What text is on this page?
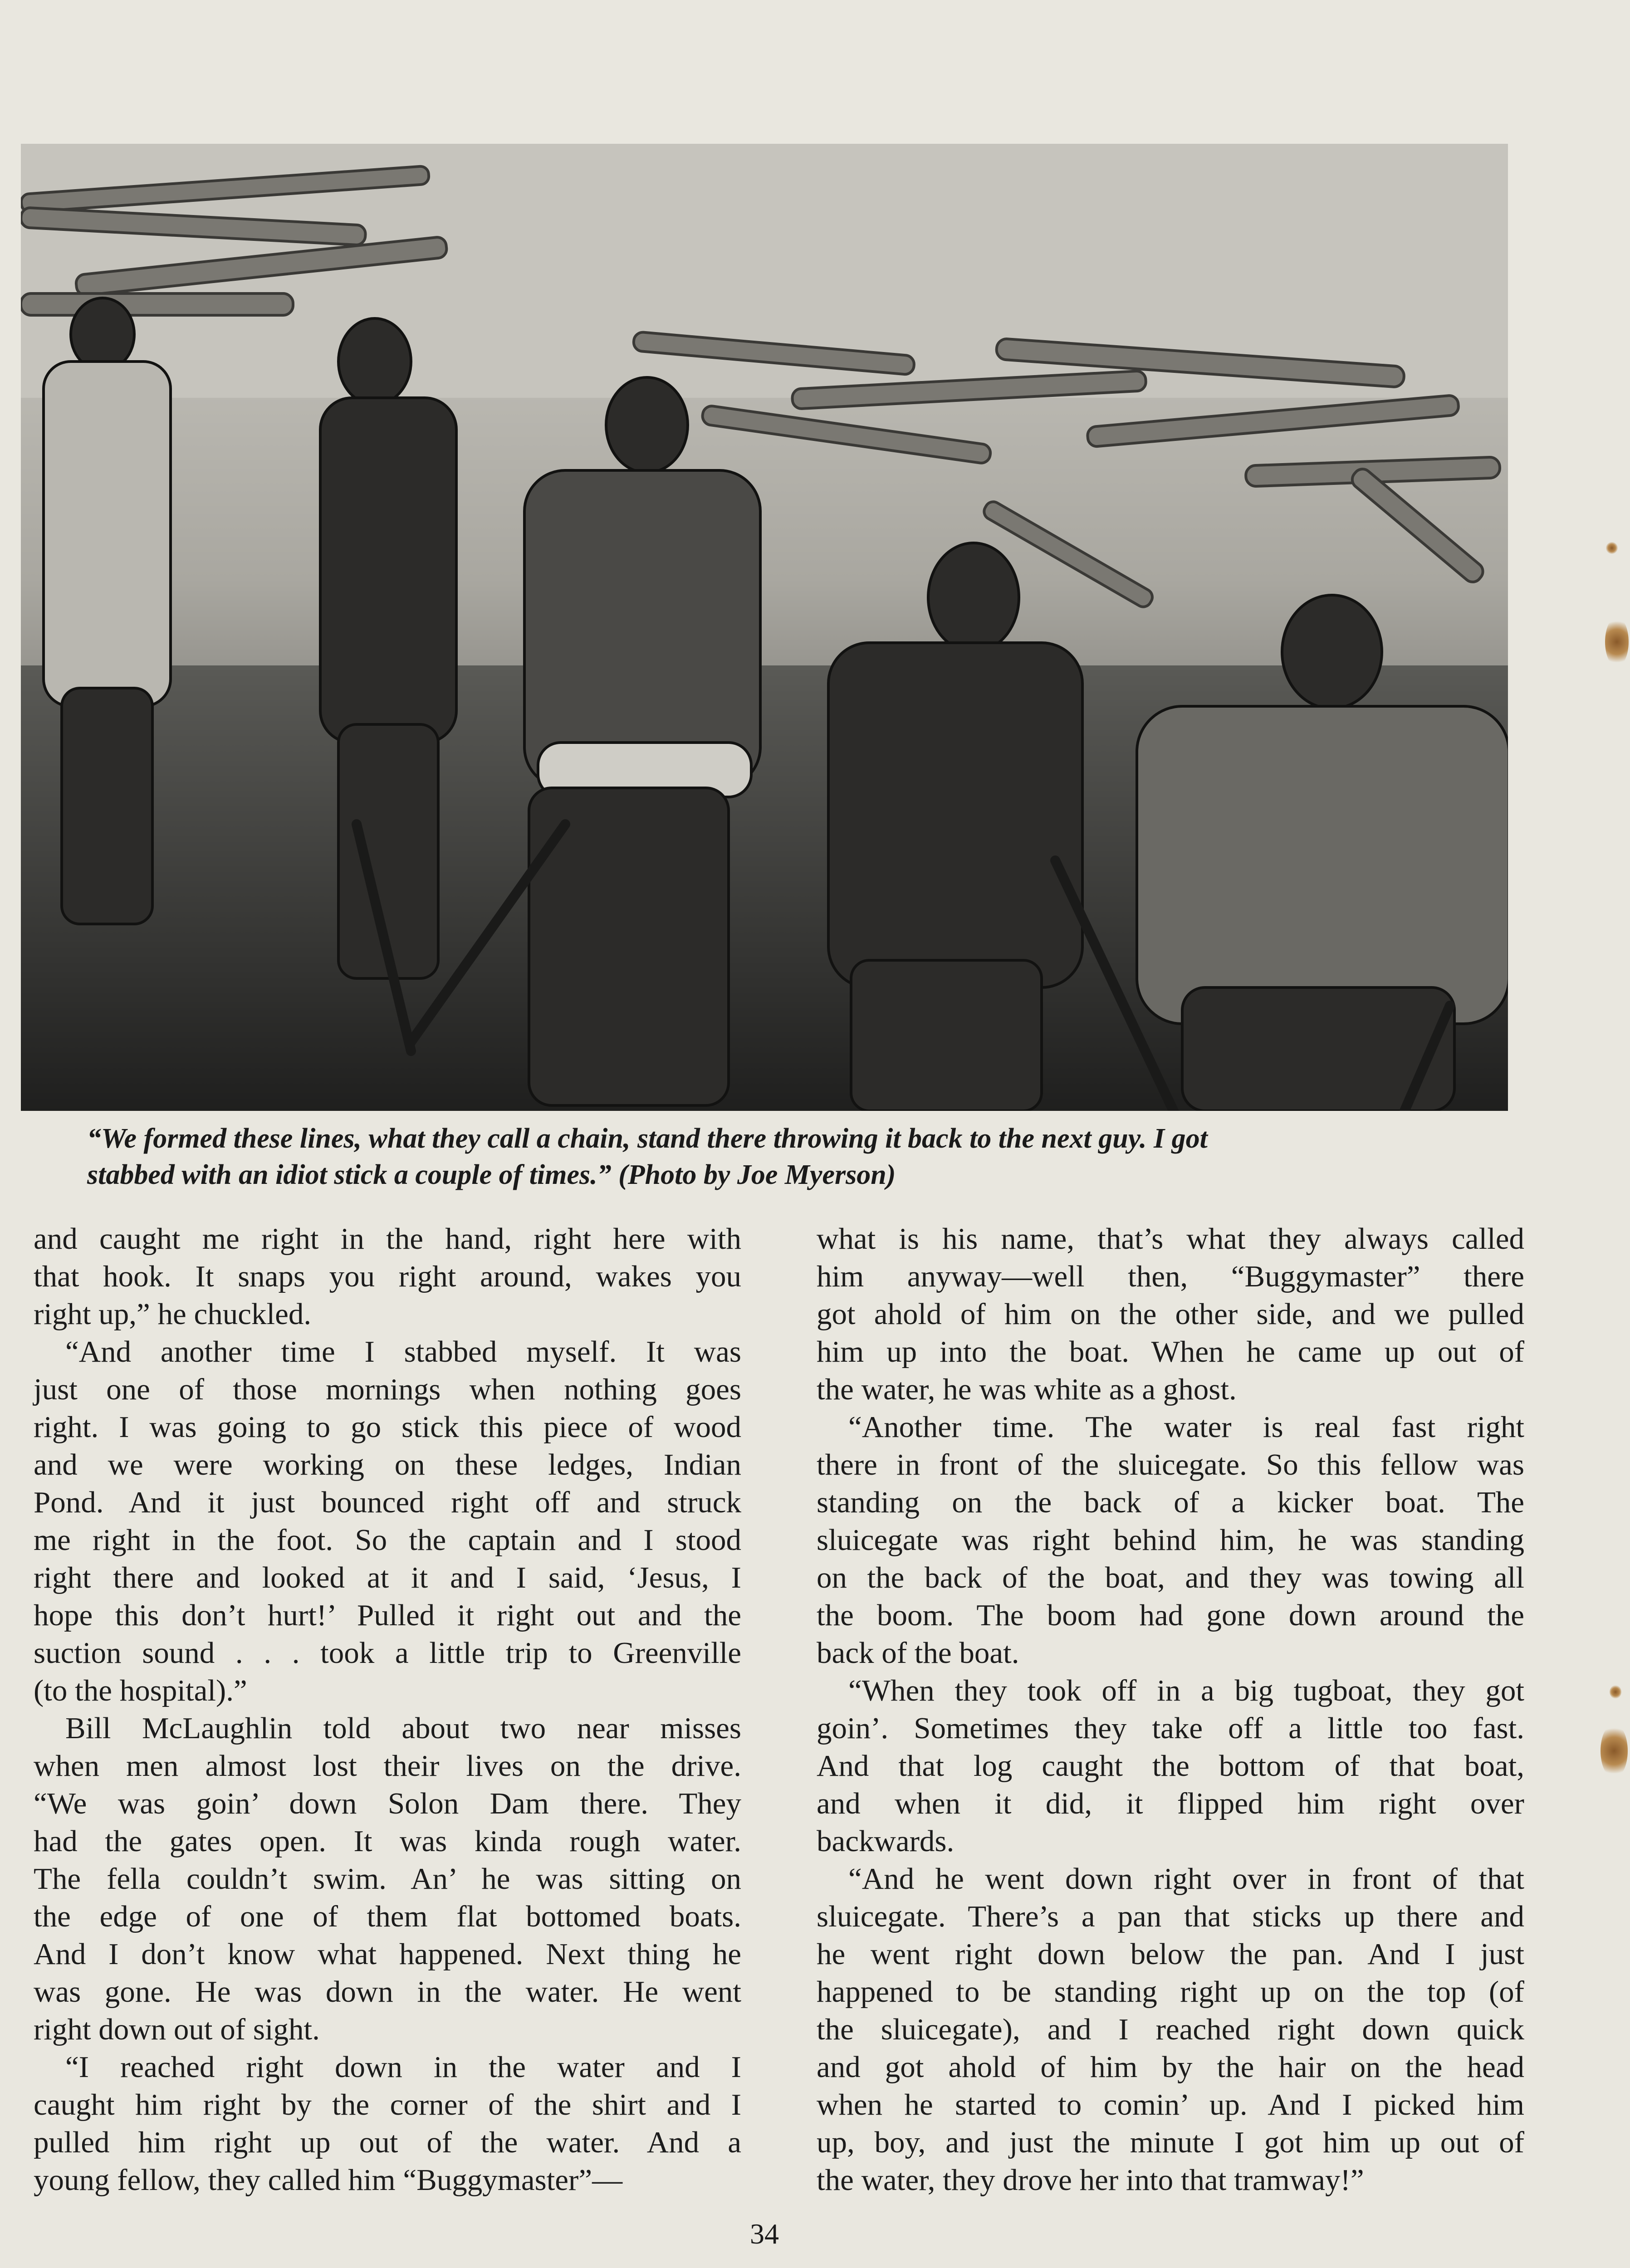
“We formed these lines, what they call a chain, stand there throwing it back to the next guy. I got
stabbed with an idiot stick a couple of times.” (Photo by Joe Myerson)
and caught me right in the hand, right here with
that hook. It snaps you right around, wakes you
right up,” he chuckled.
“And another time I stabbed myself. It was
just one of those mornings when nothing goes
right. I was going to go stick this piece of wood
and we were working on these ledges, Indian
Pond. And it just bounced right off and struck
me right in the foot. So the captain and I stood
right there and looked at it and I said, ‘Jesus, I
hope this don’t hurt!’ Pulled it right out and the
suction sound . . . took a little trip to Greenville
(to the hospital).”
Bill McLaughlin told about two near misses
when men almost lost their lives on the drive.
“We was goin’ down Solon Dam there. They
had the gates open. It was kinda rough water.
The fella couldn’t swim. An’ he was sitting on
the edge of one of them flat bottomed boats.
And I don’t know what happened. Next thing he
was gone. He was down in the water. He went
right down out of sight.
“I reached right down in the water and I
caught him right by the corner of the shirt and I
pulled him right up out of the water. And a
young fellow, they called him “Buggymaster”—
what is his name, that’s what they always called
him anyway—well then, “Buggymaster” there
got ahold of him on the other side, and we pulled
him up into the boat. When he came up out of
the water, he was white as a ghost.
“Another time. The water is real fast right
there in front of the sluicegate. So this fellow was
standing on the back of a kicker boat. The
sluicegate was right behind him, he was standing
on the back of the boat, and they was towing all
the boom. The boom had gone down around the
back of the boat.
“When they took off in a big tugboat, they got
goin’. Sometimes they take off a little too fast.
And that log caught the bottom of that boat,
and when it did, it flipped him right over
backwards.
“And he went down right over in front of that
sluicegate. There’s a pan that sticks up there and
he went right down below the pan. And I just
happened to be standing right up on the top (of
the sluicegate), and I reached right down quick
and got ahold of him by the hair on the head
when he started to comin’ up. And I picked him
up, boy, and just the minute I got him up out of
the water, they drove her into that tramway!”
34
